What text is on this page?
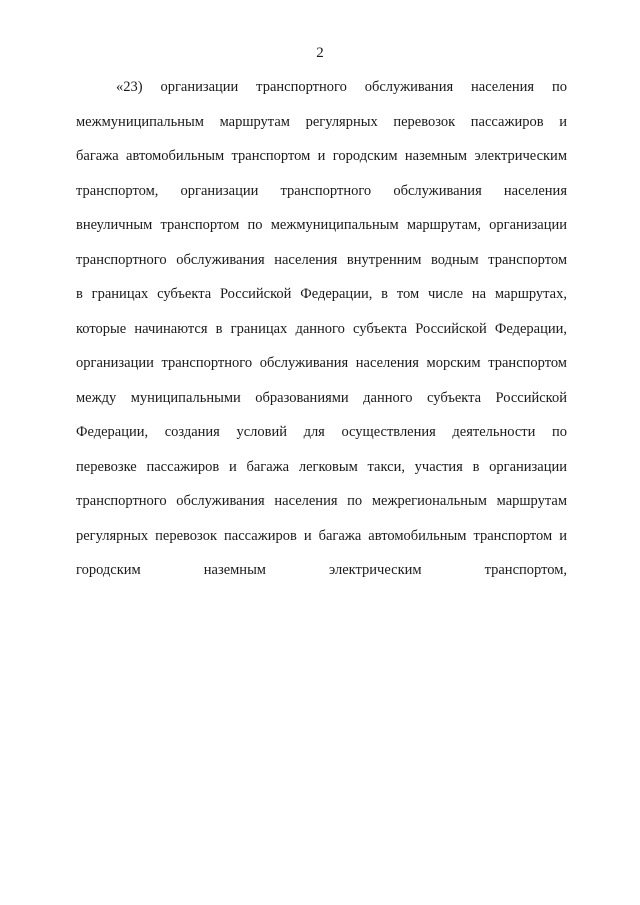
2
«23) организации транспортного обслуживания населения по
межмуниципальным маршрутам регулярных перевозок пассажиров и
багажа автомобильным транспортом и городским наземным электрическим
транспортом, организации транспортного обслуживания населения
внеуличным транспортом по межмуниципальным маршрутам, организации
транспортного обслуживания населения внутренним водным транспортом
в границах субъекта Российской Федерации, в том числе на маршрутах,
которые начинаются в границах данного субъекта Российской Федерации,
организации транспортного обслуживания населения морским транспортом
между муниципальными образованиями данного субъекта Российской
Федерации, создания условий для осуществления деятельности по
перевозке пассажиров и багажа легковым такси, участия в организации
транспортного обслуживания населения по межрегиональным маршрутам
регулярных перевозок пассажиров и багажа автомобильным транспортом и
городским наземным электрическим транспортом,
